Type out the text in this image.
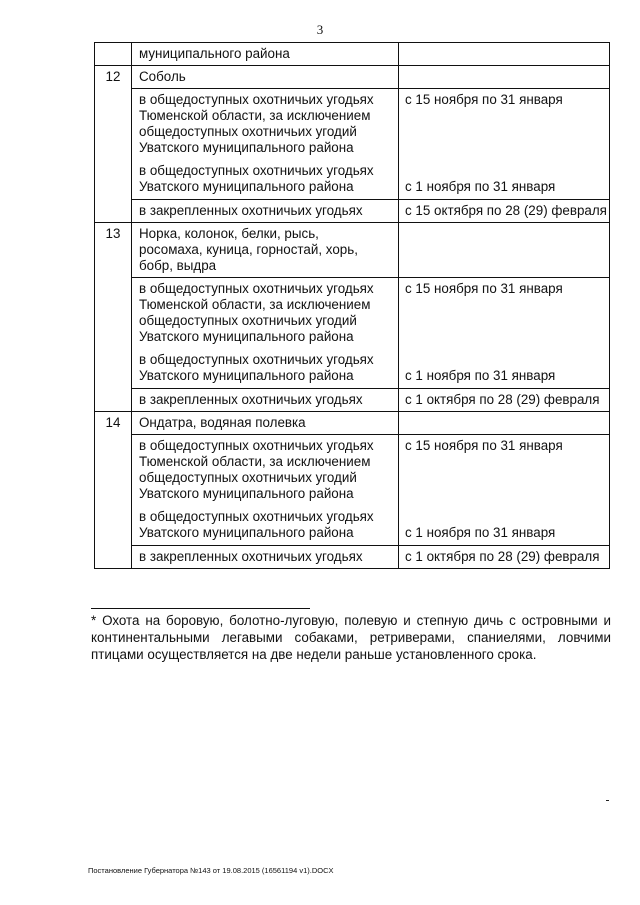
3

муниципального района

12	Соболь

в общедоступных охотничьих угодьях
Тюменской области, за исключением
общедоступных охотничьих угодий
Уватского муниципального района
	с 15 ноября по 31 января

в общедоступных охотничьих угодьях
Уватского муниципального района	с 1 ноября по 31 января

в закрепленных охотничьих угодьях	с 15 октября по 28 (29) февраля
13	Норка, колонок, белки, рысь,
росомаха, куница, горностай, хорь,
бобр, выдра

в общедоступных охотничьих угодьях
Тюменской области, за исключением
общедоступных охотничьих угодий
Уватского муниципального района
	с 15 ноября по 31 января

в общедоступных охотничьих угодьях
Уватского муниципального района	с 1 ноября по 31 января

в закрепленных охотничьих угодьях	с 1 октября по 28 (29) февраля
14	Ондатра, водяная полевка

в общедоступных охотничьих угодьях
Тюменской области, за исключением
общедоступных охотничьих угодий
Уватского муниципального района
	с 15 ноября по 31 января

в общедоступных охотничьих угодьях
Уватского муниципального района	с 1 ноября по 31 января

в закрепленных охотничьих угодьях	с 1 октября по 28 (29) февраля
* Охота на боровую, болотно-луговую, полевую и степную дичь с островными и континентальными легавыми собаками, ретриверами, спаниелями, ловчими птицами осуществляется на две недели раньше установленного срока.
Постановление Губернатора №143 от 19.08.2015 (16561194 v1).DOCX
